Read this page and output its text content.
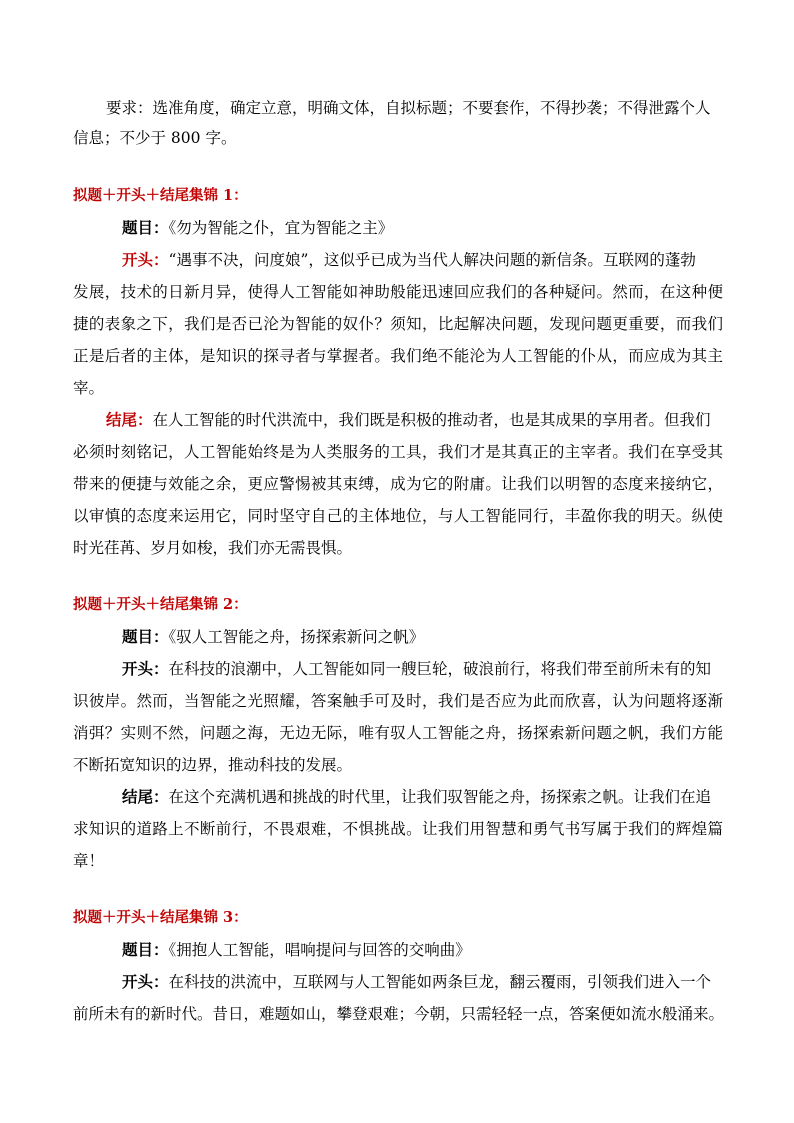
要求：选准角度，确定立意，明确文体，自拟标题；不要套作，不得抄袭；不得泄露个人
信息；不少于 800 字。
拟题＋开头＋结尾集锦 1：
题目：《勿为智能之仆，宜为智能之主》
开头：“遇事不决，问度娘”，这似乎已成为当代人解决问题的新信条。互联网的蓬勃
发展，技术的日新月异，使得人工智能如神助般能迅速回应我们的各种疑问。然而，在这种便
捷的表象之下，我们是否已沦为智能的奴仆？须知，比起解决问题，发现问题更重要，而我们
正是后者的主体，是知识的探寻者与掌握者。我们绝不能沦为人工智能的仆从，而应成为其主
宰。
结尾：在人工智能的时代洪流中，我们既是积极的推动者，也是其成果的享用者。但我们
必须时刻铭记，人工智能始终是为人类服务的工具，我们才是其真正的主宰者。我们在享受其
带来的便捷与效能之余，更应警惕被其束缚，成为它的附庸。让我们以明智的态度来接纳它，
以审慎的态度来运用它，同时坚守自己的主体地位，与人工智能同行，丰盈你我的明天。纵使
时光荏苒、岁月如梭，我们亦无需畏惧。
拟题＋开头＋结尾集锦 2：
题目：《驭人工智能之舟，扬探索新问之帆》
开头：在科技的浪潮中，人工智能如同一艘巨轮，破浪前行，将我们带至前所未有的知
识彼岸。然而，当智能之光照耀，答案触手可及时，我们是否应为此而欣喜，认为问题将逐渐
消弭？实则不然，问题之海，无边无际，唯有驭人工智能之舟，扬探索新问题之帆，我们方能
不断拓宽知识的边界，推动科技的发展。
结尾：在这个充满机遇和挑战的时代里，让我们驭智能之舟，扬探索之帆。让我们在追
求知识的道路上不断前行，不畏艰难，不惧挑战。让我们用智慧和勇气书写属于我们的辉煌篇
章！
拟题＋开头＋结尾集锦 3：
题目：《拥抱人工智能，唱响提问与回答的交响曲》
开头：在科技的洪流中，互联网与人工智能如两条巨龙，翻云覆雨，引领我们进入一个
前所未有的新时代。昔日，难题如山，攀登艰难；今朝，只需轻轻一点，答案便如流水般涌来。
